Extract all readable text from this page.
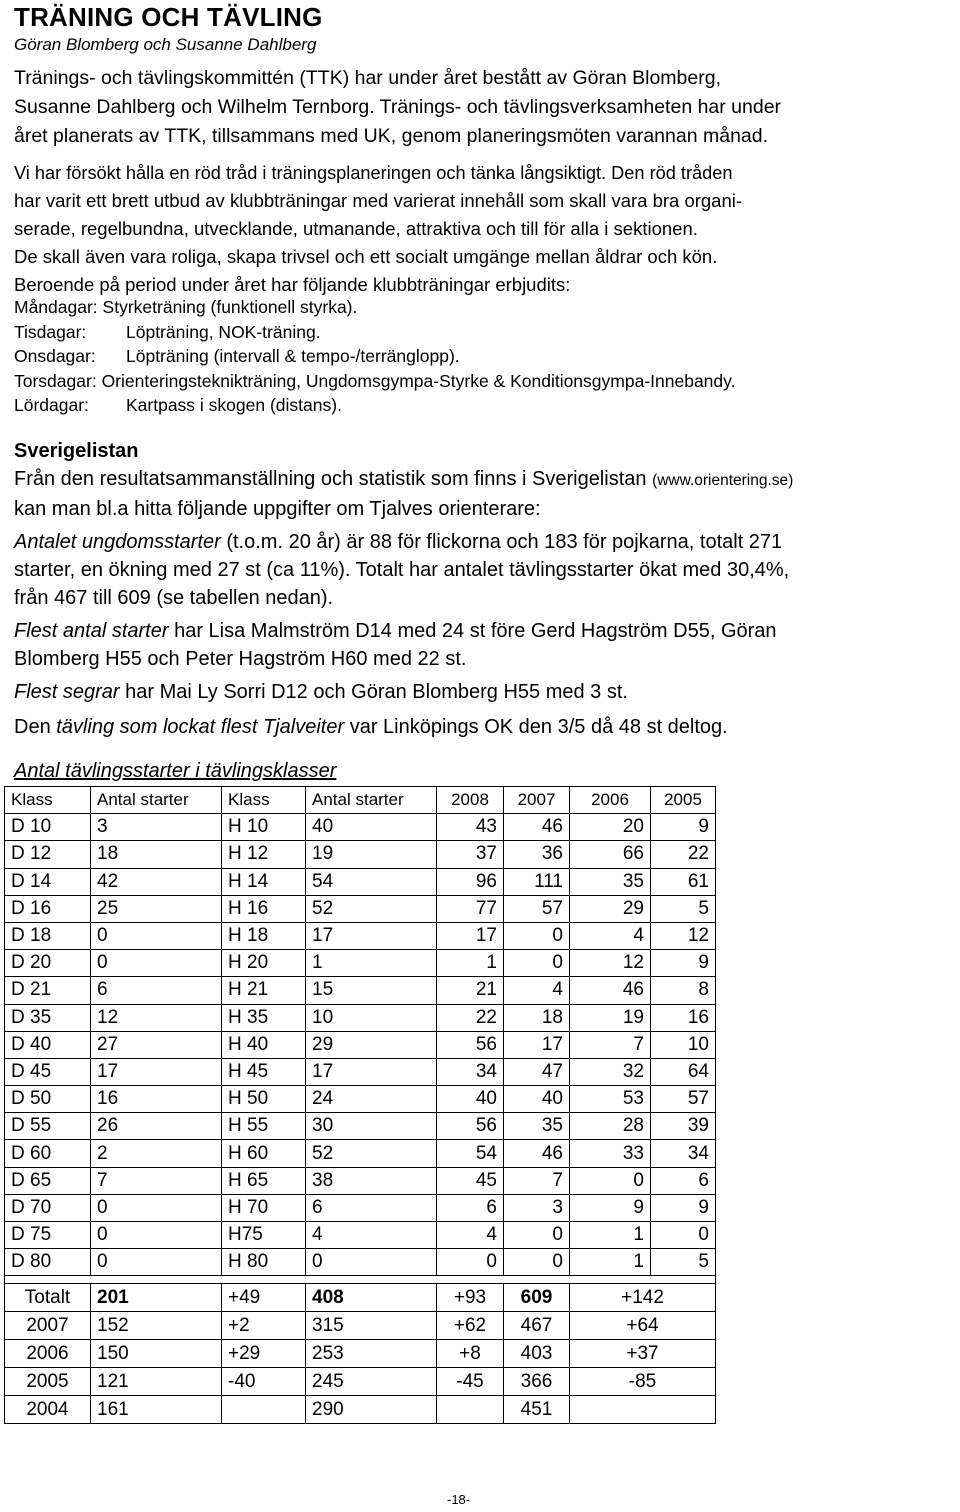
TRÄNING OCH TÄVLING
Göran Blomberg och Susanne Dahlberg

Tränings- och tävlingskommittén (TTK) har under året bestått av Göran Blomberg,

Susanne Dahlberg och Wilhelm Ternborg. Tränings- och tävlingsverksamheten har under

året planerats av TTK, tillsammans med UK, genom planeringsmöten varannan månad.

Vi har försökt hålla en röd tråd i träningsplaneringen och tänka långsiktigt. Den röd tråden

har varit ett brett utbud av klubbträningar med varierat innehåll som skall vara bra organi-

serade, regelbundna, utvecklande, utmanande, attraktiva och till för alla i sektionen.

De skall även vara roliga, skapa trivsel och ett socialt umgänge mellan åldrar och kön.

Beroende på period under året har följande klubbträningar erbjudits:

Måndagar: Styrketräning (funktionell styrka).
Tisdagar: Löpträning, NOK-träning.
Onsdagar: Löpträning (intervall & tempo-/terränglopp).
Torsdagar: Orienteringsteknikträning, Ungdomsgympa-Styrke & Konditionsgympa-Innebandy.
Lördagar: Kartpass i skogen (distans).
Sverigelistan

Från den resultatsammanställning och statistik som finns i Sverigelistan (www.orientering.se)

kan man bl.a hitta följande uppgifter om Tjalves orienterare:

Antalet ungdomsstarter (t.o.m. 20 år) är 88 för flickorna och 183 för pojkarna, totalt 271

starter, en ökning med 27 st (ca 11%). Totalt har antalet tävlingsstarter ökat med 30,4%,

från 467 till 609 (se tabellen nedan).

Flest antal starter har Lisa Malmström D14 med 24 st före Gerd Hagström D55, Göran

Blomberg H55 och Peter Hagström H60 med 22 st.

Flest segrar har Mai Ly Sorri D12 och Göran Blomberg H55 med 3 st.

Den tävling som lockat flest Tjalveiter var Linköpings OK den 3/5 då 48 st deltog.

Antal tävlingsstarter i tävlingsklasser
Klass	Antal starter	Klass	Antal starter	2008	2007	2006	2005
D 10	3	H 10	40	43	46	20	9
D 12	18	H 12	19	37	36	66	22
D 14	42	H 14	54	96	111	35	61
D 16	25	H 16	52	77	57	29	5
D 18	0	H 18	17	17	0	4	12
D 20	0	H 20	1	1	0	12	9
D 21	6	H 21	15	21	4	46	8
D 35	12	H 35	10	22	18	19	16
D 40	27	H 40	29	56	17	7	10
D 45	17	H 45	17	34	47	32	64
D 50	16	H 50	24	40	40	53	57
D 55	26	H 55	30	56	35	28	39
D 60	2	H 60	52	54	46	33	34
D 65	7	H 65	38	45	7	0	6
D 70	0	H 70	6	6	3	9	9
D 75	0	H75	4	4	0	1	0
D 80	0	H 80	0	0	0	1	5

Totalt	201	+49	408	+93	609	+142	
2007	152	+2	315	+62	467	+64	
2006	150	+29	253	+8	403	+37	
2005	121	-40	245	-45	366	-85	
2004	161		290		451		
-18-
